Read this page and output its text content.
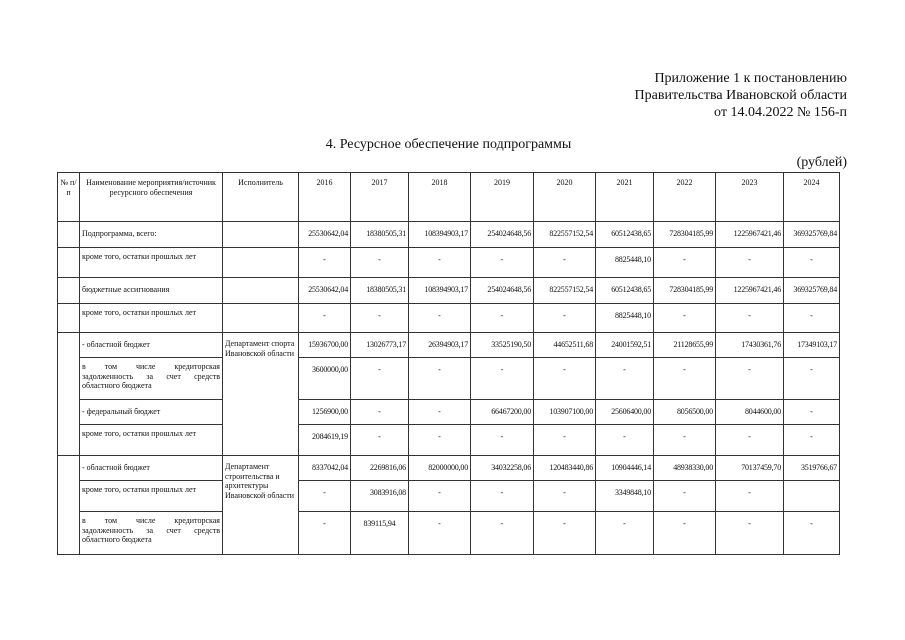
Приложение 1 к постановлению
Правительства Ивановской области
от 14.04.2022 № 156-п
4. Ресурсное обеспечение подпрограммы
(рублей)
№ п/п	Наименование мероприятия/источник ресурсного обеспечения	Исполнитель	2016	2017	2018	2019	2020	2021	2022	2023	2024
	Подпрограмма, всего:		25530642,04	18380505,31	108394903,17	254024648,56	822557152,54	60512438,65	728304185,99	1225967421,46	369325769,84
	кроме того, остатки прошлых лет		-	-	-	-	-	8825448,10	-	-	-
	бюджетные ассигнования		25530642,04	18380505,31	108394903,17	254024648,56	822557152,54	60512438,65	728304185,99	1225967421,46	369325769,84
	кроме того, остатки прошлых лет		-	-	-	-	-	8825448,10	-	-	-
	- областной бюджет	Департамент спорта Ивановской области	15936700,00	13026773,17	26394903,17	33525190,50	44652511,68	24001592,51	21128655,99	17430361,76	17349103,17
	в том числе кредиторская задолженность за счет средств областного бюджета		3600000,00	-	-	-	-	-	-	-	-
	- федеральный бюджет		1256900,00	-	-	66467200,00	103907100,00	25606400,00	8056500,00	8044600,00	-
	кроме того, остатки прошлых лет		2084619,19	-	-	-	-	-	-	-	-
	- областной бюджет	Департамент строительства и архитектуры Ивановской области	8337042,04	2269816,06	82000000,00	34032258,06	120483440,86	10904446,14	48938330,00	70137459,70	3519766,67
	кроме того, остатки прошлых лет		-	3083916,08	-	-	-	3349848,10	-	-	
	в том числе кредиторская задолженность за счет средств областного бюджета		-	839115,94	-	-	-	-	-	-	-
